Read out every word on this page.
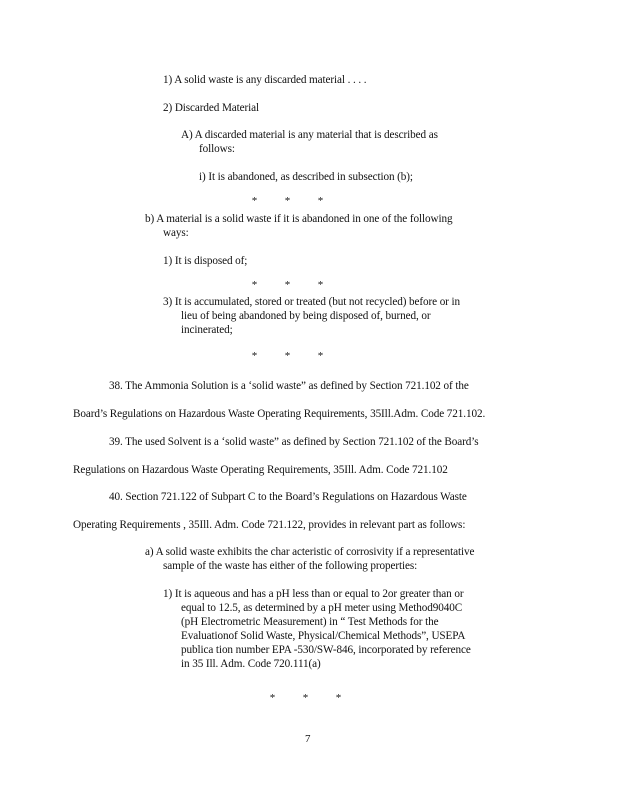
1) A solid waste is any discarded material . . . .
2) Discarded Material
A) A discarded material is any material that is described as
follows:
i) It is abandoned, as described in subsection (b);
*	*	*
b) A material is a solid waste if it is abandoned in one of the following
ways:
1) It is disposed of;
*	*	*
3) It is accumulated, stored or treated (but not recycled) before or in
lieu of being abandoned by being disposed of, burned, or
incinerated;
*	*	*
38. The Ammonia Solution is a ‘solid waste” as defined by Section 721.102 of the
Board’s Regulations on Hazardous Waste Operating Requirements, 35Ill.Adm. Code 721.102.
39. The used Solvent is a ‘solid waste” as defined by Section 721.102 of the Board’s
Regulations on Hazardous Waste Operating Requirements, 35Ill. Adm. Code 721.102
40. Section 721.122 of Subpart C to the Board’s Regulations on Hazardous Waste
Operating Requirements , 35Ill. Adm. Code 721.122, provides in relevant part as follows:
a) A solid waste exhibits the char acteristic of corrosivity if a representative
sample of the waste has either of the following properties:
1) It is aqueous and has a pH less than or equal to 2or greater than or
equal to 12.5, as determined by a pH meter using Method9040C
(pH Electrometric Measurement) in “ Test Methods for the
Evaluationof Solid Waste, Physical/Chemical Methods”, USEPA
publica tion number EPA -530/SW-846, incorporated by reference
in 35 Ill. Adm. Code 720.111(a)
*	*	*
7
